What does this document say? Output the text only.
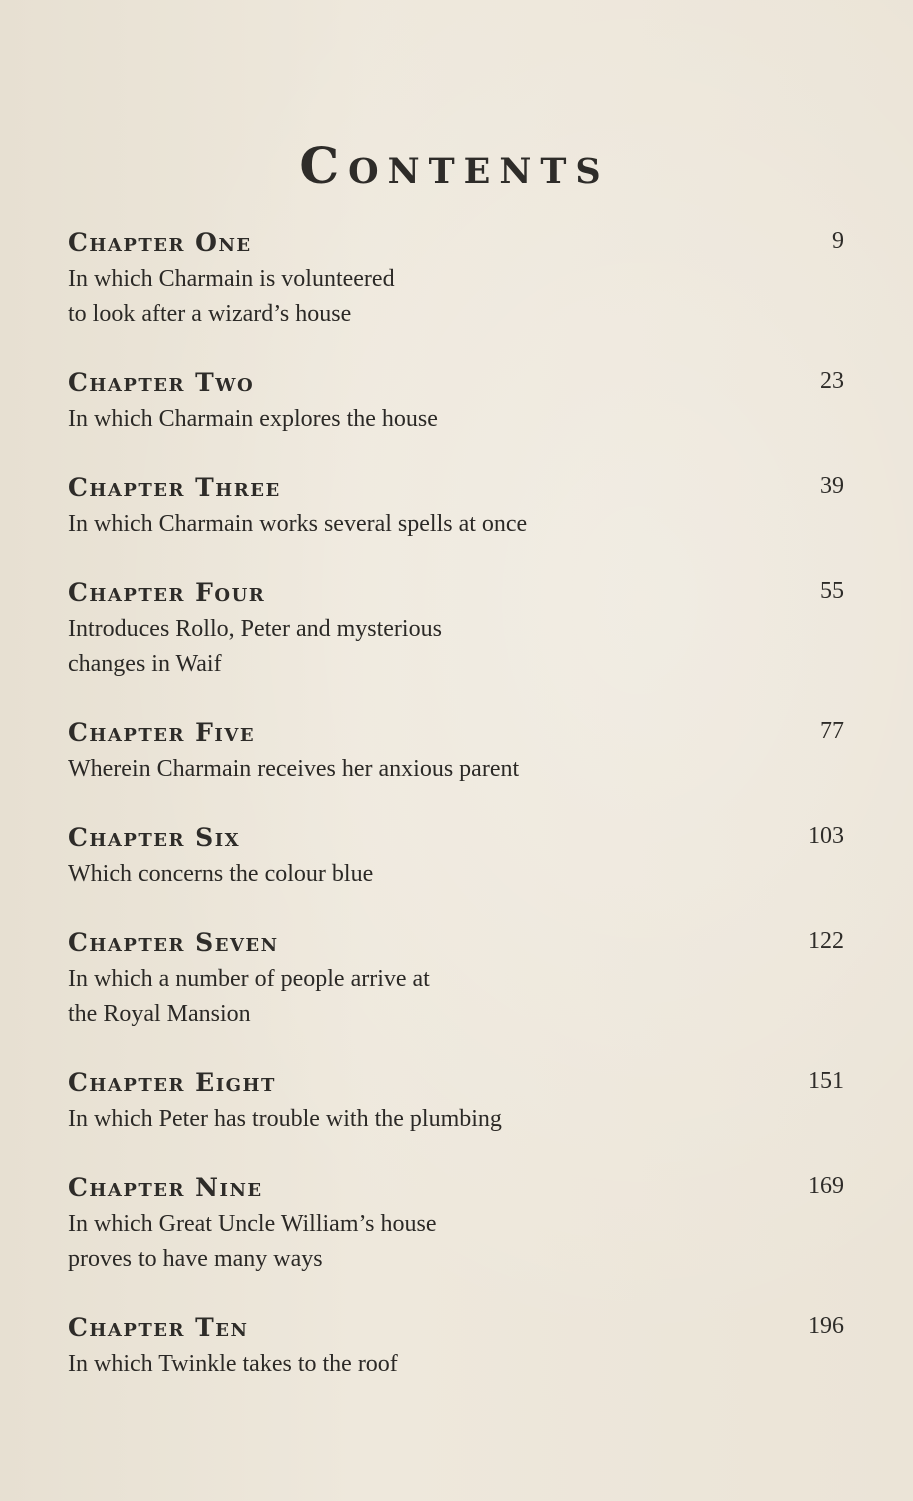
Contents
Chapter One	9
In which Charmain is volunteered
to look after a wizard’s house
Chapter Two	23
In which Charmain explores the house
Chapter Three	39
In which Charmain works several spells at once
Chapter Four	55
Introduces Rollo, Peter and mysterious
changes in Waif
Chapter Five	77
Wherein Charmain receives her anxious parent
Chapter Six	103
Which concerns the colour blue
Chapter Seven	122
In which a number of people arrive at
the Royal Mansion
Chapter Eight	151
In which Peter has trouble with the plumbing
Chapter Nine	169
In which Great Uncle William’s house
proves to have many ways
Chapter Ten	196
In which Twinkle takes to the roof
